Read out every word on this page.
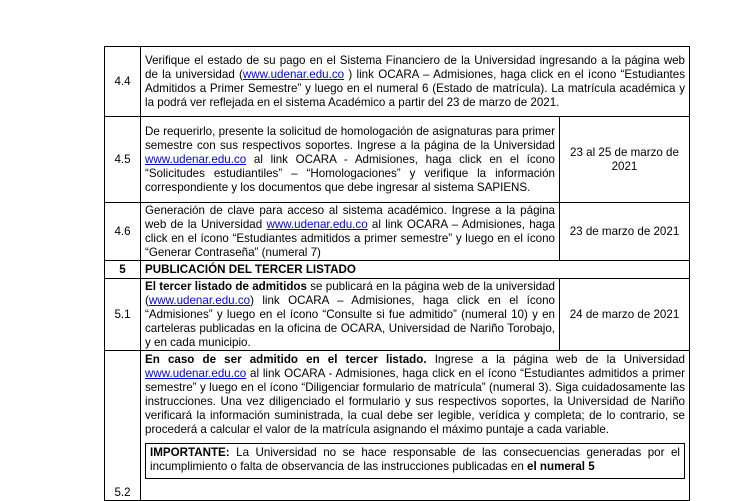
4.4	Verifique el estado de su pago en el Sistema Financiero de la Universidad ingresando a la página web de la universidad (www.udenar.edu.co ) link OCARA – Admisiones, haga click en el ícono “Estudiantes Admitidos a Primer Semestre” y luego en el numeral 6 (Estado de matrícula). La matrícula académica y la podrá ver reflejada en el sistema Académico a partir del 23 de marzo de 2021.	
4.5	De requerirlo, presente la solicitud de homologación de asignaturas para primer semestre con sus respectivos soportes. Ingrese a la página de la Universidad www.udenar.edu.co al link OCARA - Admisiones, haga click en el ícono “Solicitudes estudiantiles” – “Homologaciones” y verifique la información correspondiente y los documentos que debe ingresar al sistema SAPIENS.	23 al 25 de marzo de 2021
4.6	Generación de clave para acceso al sistema académico. Ingrese a la página web de la Universidad www.udenar.edu.co al link OCARA – Admisiones, haga click en el ícono “Estudiantes admitidos a primer semestre” y luego en el ícono “Generar Contraseña” (numeral 7)	23 de marzo de 2021
5	PUBLICACIÓN DEL TERCER LISTADO	
5.1	El tercer listado de admitidos se publicará en la página web de la universidad (www.udenar.edu.co) link OCARA – Admisiones, haga click en el ícono “Admisiones” y luego en el ícono “Consulte si fue admitido” (numeral 10) y en carteleras publicadas en la oficina de OCARA, Universidad de Nariño Torobajo, y en cada municipio.	24 de marzo de 2021
5.2	En caso de ser admitido en el tercer listado. Ingrese a la página web de la Universidad www.udenar.edu.co al link OCARA - Admisiones, haga click en el ícono “Estudiantes admitidos a primer semestre” y luego en el ícono “Diligenciar formulario de matrícula” (numeral 3). Siga cuidadosamente las instrucciones. Una vez diligenciado el formulario y sus respectivos soportes, la Universidad de Nariño verificará la información suministrada, la cual debe ser legible, verídica y completa; de lo contrario, se procederá a calcular el valor de la matrícula asignando el máximo puntaje a cada variable.
IMPORTANTE: La Universidad no se hace responsable de las consecuencias generadas por el incumplimiento o falta de observancia de las instrucciones publicadas en el numeral 5	
